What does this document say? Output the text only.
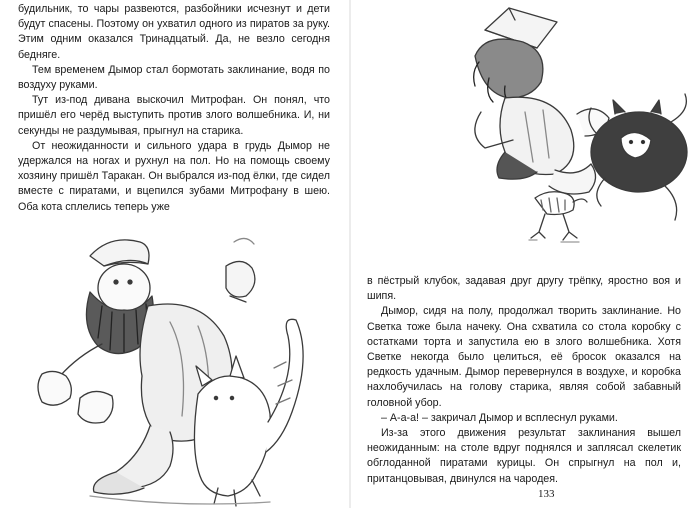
будильник, то чары развеются, разбойники исчезнут и дети будут спасены. Поэтому он ухватил одного из пиратов за руку. Этим одним оказался Тринадцатый. Да, не везло сегодня бедняге.

Тем временем Дымор стал бормотать заклинание, водя по воздуху руками.

Тут из-под дивана выскочил Митрофан. Он понял, что пришёл его черёд выступить против злого волшебника. И, ни секунды не раздумывая, прыгнул на старика.

От неожиданности и сильного удара в грудь Дымор не удержался на ногах и рухнул на пол. Но на помощь своему хозяину пришёл Таракан. Он выбрался из-под ёлки, где сидел вместе с пиратами, и вцепился зубами Митрофану в шею. Оба кота сплелись теперь уже

в пёстрый клубок, задавая друг другу трёпку, яростно воя и шипя.

Дымор, сидя на полу, продолжал творить заклинание. Но Светка тоже была начеку. Она схватила со стола коробку с остатками торта и запустила ею в злого волшебника. Хотя Светке некогда было целиться, её бросок оказался на редкость удачным. Дымор перевернулся в воздухе, и коробка нахлобучилась на голову старика, являя собой забавный головной убор.

– А-а-а! – закричал Дымор и всплеснул руками.

Из-за этого движения результат заклинания вышел неожиданным: на столе вдруг поднялся и заплясал скелетик обглоданной пиратами курицы. Он спрыгнул на пол и, пританцовывая, двинулся на чародея.

133
